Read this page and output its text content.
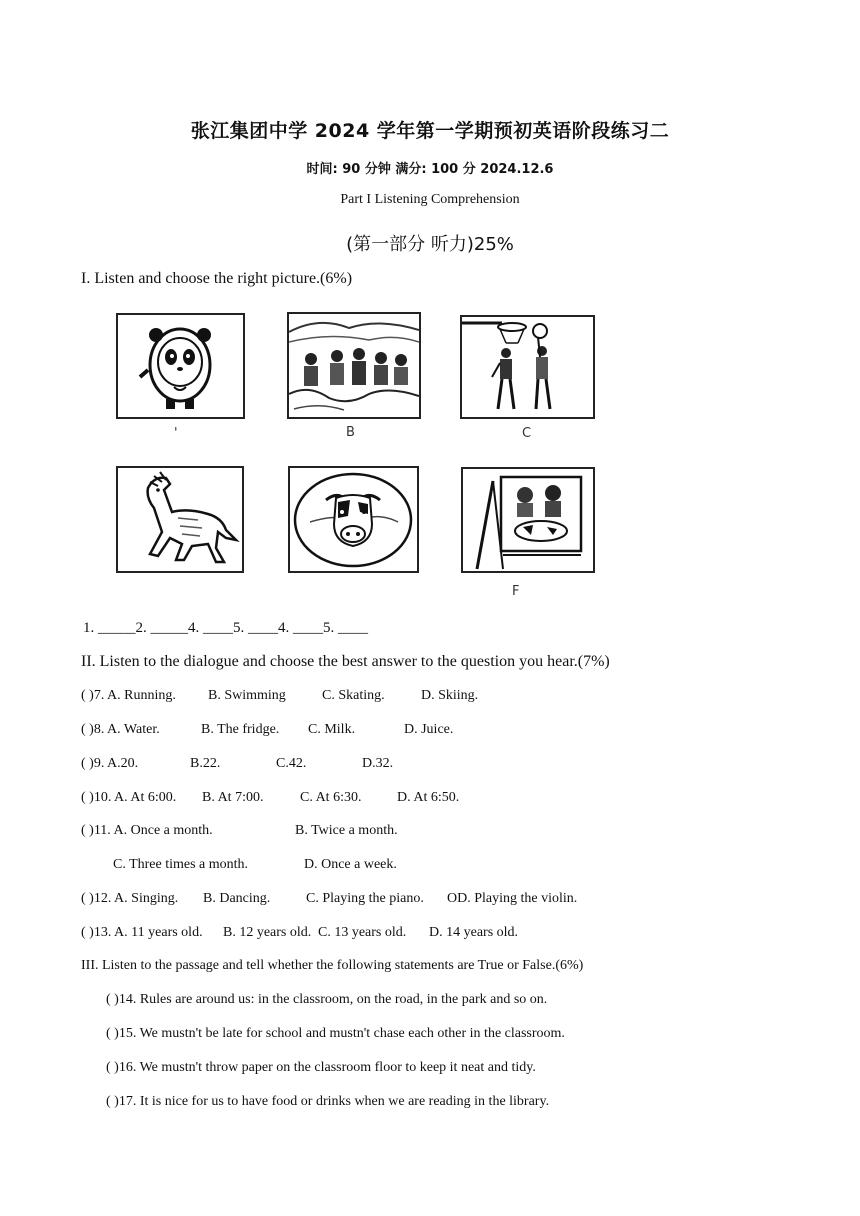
张江集团中学 2024 学年第一学期预初英语阶段练习二
时间: 90 分钟 满分: 100 分 2024.12.6
Part I Listening Comprehension
(第一部分 听力)25%
I. Listen and choose the right picture.(6%)
'	B	C
F
1. _____2. _____4. ____5. ____4. ____5. ____
II. Listen to the dialogue and choose the best answer to the question you hear.(7%)
( )7. A. Running. B. Swimming	C. Skating.	D. Skiing.
( )8. A. Water.	B. The fridge. C. Milk.	D. Juice.
( )9. A.20.	B.22.	C.42.	D.32.
( )10. A. At 6:00. B. At 7:00.	C. At 6:30.	D. At 6:50.
( )11. A. Once a month.	B. Twice a month.
C. Three times a month.	D. Once a week.
( )12. A. Singing. B. Dancing.	C. Playing the piano. OD. Playing the violin.
( )13. A. 11 years old. B. 12 years old. C. 13 years old. D. 14 years old.
III. Listen to the passage and tell whether the following statements are True or False.(6%)
( )14. Rules are around us: in the classroom, on the road, in the park and so on.
( )15. We mustn't be late for school and mustn't chase each other in the classroom.
( )16. We mustn't throw paper on the classroom floor to keep it neat and tidy.
( )17. It is nice for us to have food or drinks when we are reading in the library.
